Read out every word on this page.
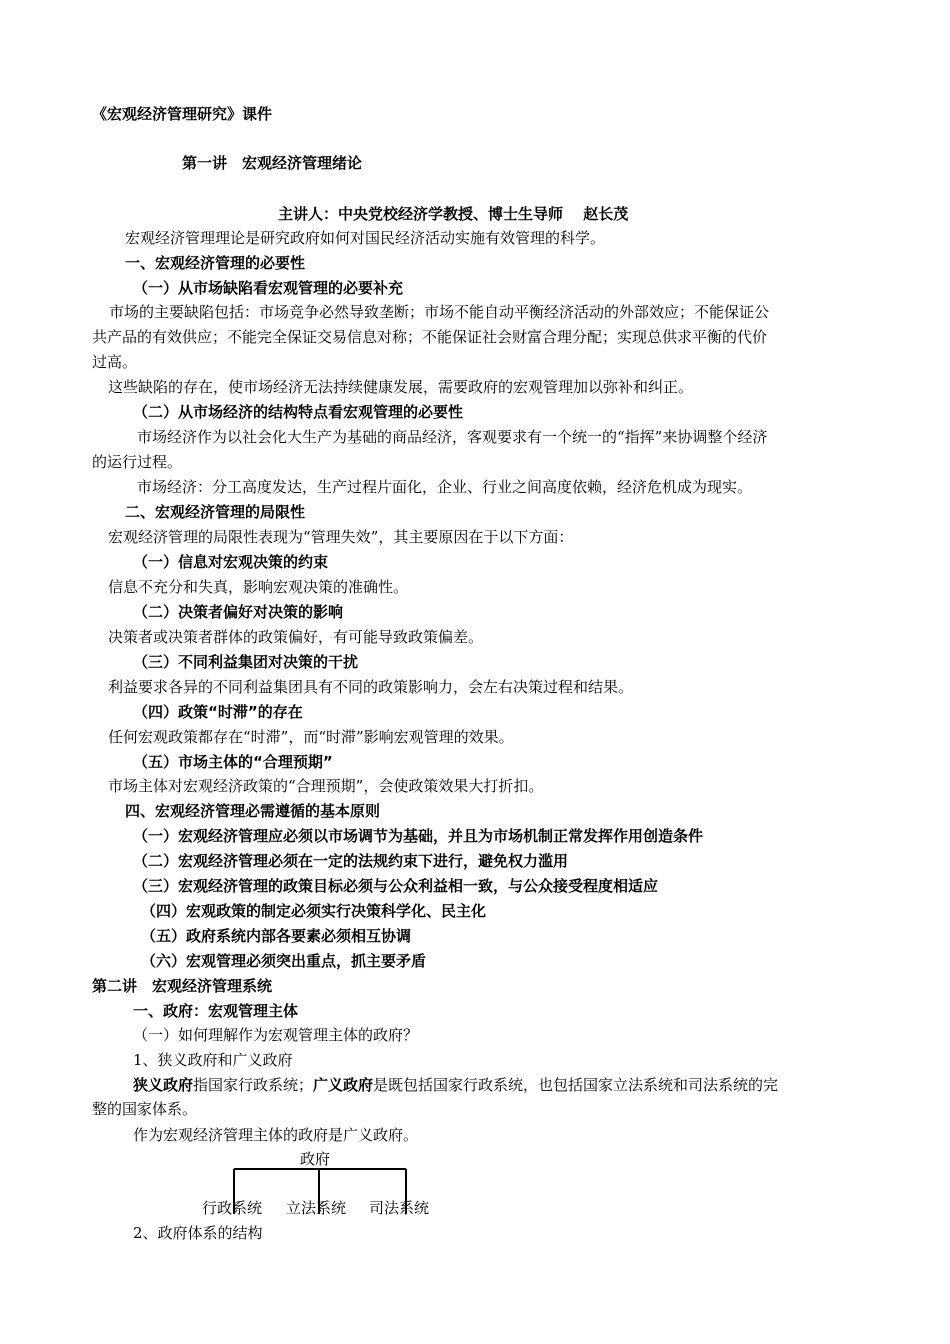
《宏观经济管理研究》课件
第一讲　宏观经济管理绪论
主讲人：中央党校经济学教授、博士生导师　 赵长茂
宏观经济管理理论是研究政府如何对国民经济活动实施有效管理的科学。
一、宏观经济管理的必要性
（一）从市场缺陷看宏观管理的必要补充
市场的主要缺陷包括：市场竞争必然导致垄断；市场不能自动平衡经济活动的外部效应；不能保证公
共产品的有效供应；不能完全保证交易信息对称；不能保证社会财富合理分配；实现总供求平衡的代价
过高。
这些缺陷的存在，使市场经济无法持续健康发展，需要政府的宏观管理加以弥补和纠正。
（二）从市场经济的结构特点看宏观管理的必要性
市场经济作为以社会化大生产为基础的商品经济，客观要求有一个统一的“指挥”来协调整个经济
的运行过程。
市场经济：分工高度发达，生产过程片面化，企业、行业之间高度依赖，经济危机成为现实。
二、宏观经济管理的局限性
宏观经济管理的局限性表现为“管理失效”，其主要原因在于以下方面：
（一）信息对宏观决策的约束
信息不充分和失真，影响宏观决策的准确性。
（二）决策者偏好对决策的影响
决策者或决策者群体的政策偏好，有可能导致政策偏差。
（三）不同利益集团对决策的干扰
利益要求各异的不同利益集团具有不同的政策影响力，会左右决策过程和结果。
（四）政策“时滞”的存在
任何宏观政策都存在“时滞”，而“时滞”影响宏观管理的效果。
（五）市场主体的“合理预期”
市场主体对宏观经济政策的“合理预期”，会使政策效果大打折扣。
四、宏观经济管理必需遵循的基本原则
（一）宏观经济管理应必须以市场调节为基础，并且为市场机制正常发挥作用创造条件
（二）宏观经济管理必须在一定的法规约束下进行，避免权力滥用
（三）宏观经济管理的政策目标必须与公众利益相一致，与公众接受程度相适应
（四）宏观政策的制定必须实行决策科学化、民主化
（五）政府系统内部各要素必须相互协调
（六）宏观管理必须突出重点，抓主要矛盾
第二讲　宏观经济管理系统
一、政府：宏观管理主体
（一）如何理解作为宏观管理主体的政府？
1、狭义政府和广义政府
狭义政府指国家行政系统；广义政府是既包括国家行政系统，也包括国家立法系统和司法系统的完
整的国家体系。
作为宏观经济管理主体的政府是广义政府。
政府
行政系统 立法系统 司法系统
2、政府体系的结构
